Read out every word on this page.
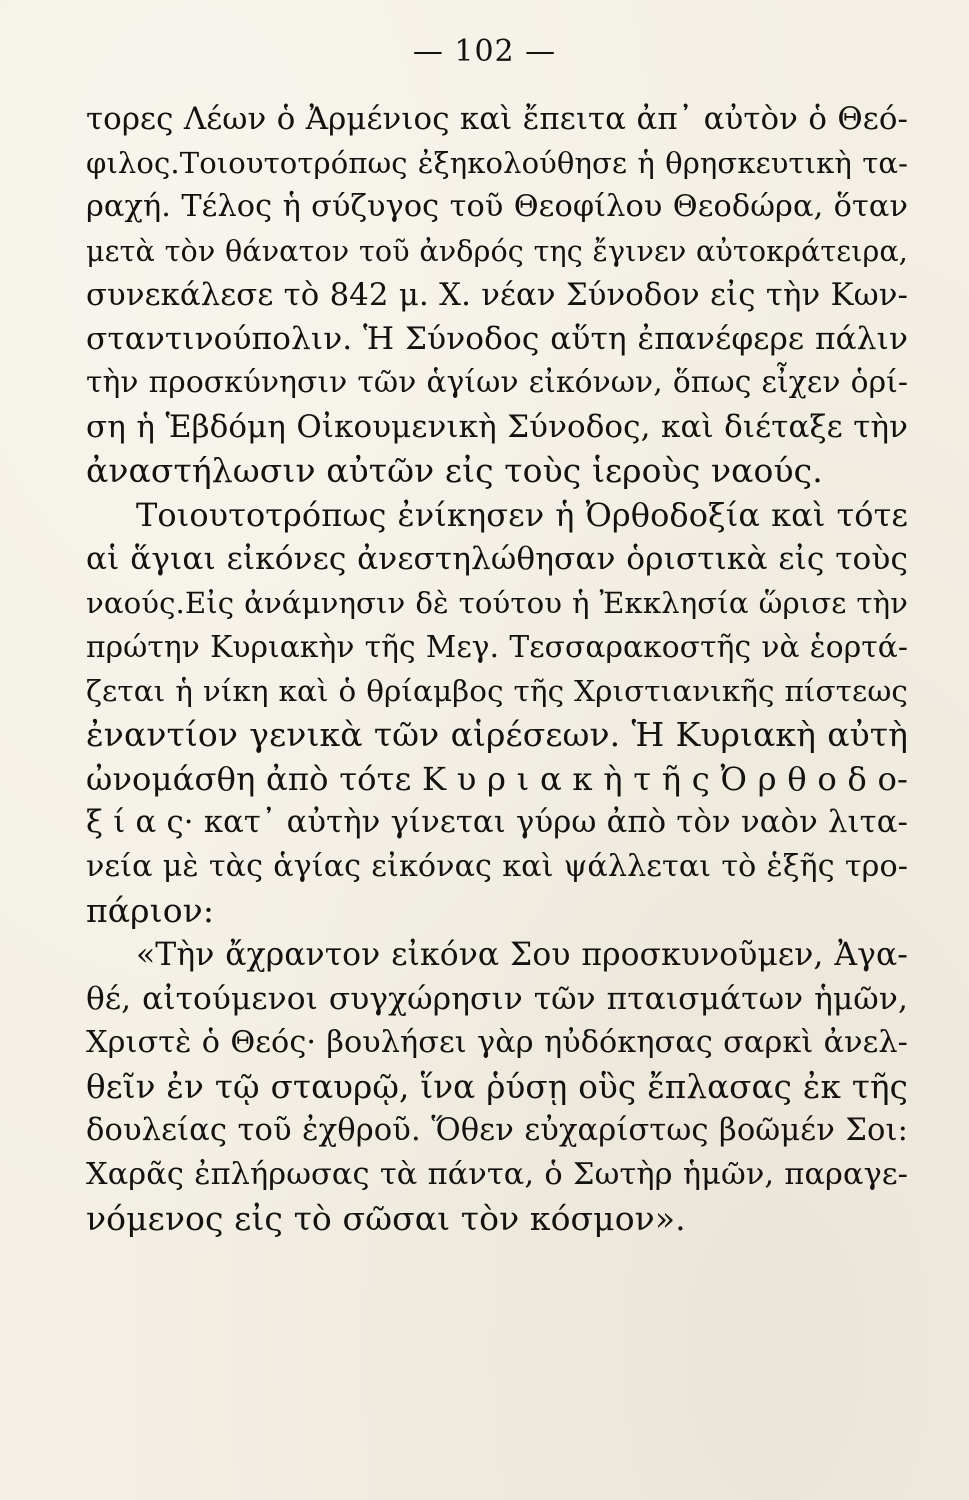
— 102 —
τορες Λέων ὁ Ἀρμένιος καὶ ἔπειτα ἀπ᾽ αὐτὸν ὁ Θεό-
φιλος.Τοιουτοτρόπως ἐξηκολούθησε ἡ θρησκευτικὴ τα-
ραχή. Τέλος ἡ σύζυγος τοῦ Θεοφίλου Θεοδώρα, ὅταν
μετὰ τὸν θάνατον τοῦ ἀνδρός της ἔγινεν αὐτοκράτειρα,
συνεκάλεσε τὸ 842 μ. Χ. νέαν Σύνοδον εἰς τὴν Κων-
σταντινούπολιν. Ἡ Σύνοδος αὕτη ἐπανέφερε πάλιν
τὴν προσκύνησιν τῶν ἁγίων εἰκόνων, ὅπως εἶχεν ὁρί-
ση ἡ Ἑβδόμη Οἰκουμενικὴ Σύνοδος, καὶ διέταξε τὴν
ἀναστήλωσιν αὐτῶν εἰς τοὺς ἱεροὺς ναούς.
Τοιουτοτρόπως ἐνίκησεν ἡ Ὀρθοδοξία καὶ τότε
αἱ ἅγιαι εἰκόνες ἀνεστηλώθησαν ὁριστικὰ εἰς τοὺς
ναούς.Εἰς ἀνάμνησιν δὲ τούτου ἡ Ἐκκλησία ὥρισε τὴν
πρώτην Κυριακὴν τῆς Μεγ. Τεσσαρακοστῆς νὰ ἑορτά-
ζεται ἡ νίκη καὶ ὁ θρίαμβος τῆς Χριστιανικῆς πίστεως
ἐναντίον γενικὰ τῶν αἱρέσεων. Ἡ Κυριακὴ αὐτὴ
ὠνομάσθη ἀπὸ τότε Κ υ ρ ι α κ ὴ τ ῆ ς Ὀ ρ θ ο δ ο-
ξ ί α ς· κατ᾽ αὐτὴν γίνεται γύρω ἀπὸ τὸν ναὸν λιτα-
νεία μὲ τὰς ἁγίας εἰκόνας καὶ ψάλλεται τὸ ἑξῆς τρο-
πάριον:
«Τὴν ἄχραντον εἰκόνα Σου προσκυνοῦμεν, Ἀγα-
θέ, αἰτούμενοι συγχώρησιν τῶν πταισμάτων ἡμῶν,
Χριστὲ ὁ Θεός· βουλήσει γὰρ ηὐδόκησας σαρκὶ ἀνελ-
θεῖν ἐν τῷ σταυρῷ, ἵνα ῥύσῃ οὓς ἔπλασας ἐκ τῆς
δουλείας τοῦ ἐχθροῦ. Ὅθεν εὐχαρίστως βοῶμέν Σοι:
Χαρᾶς ἐπλήρωσας τὰ πάντα, ὁ Σωτὴρ ἡμῶν, παραγε-
νόμενος εἰς τὸ σῶσαι τὸν κόσμον».
